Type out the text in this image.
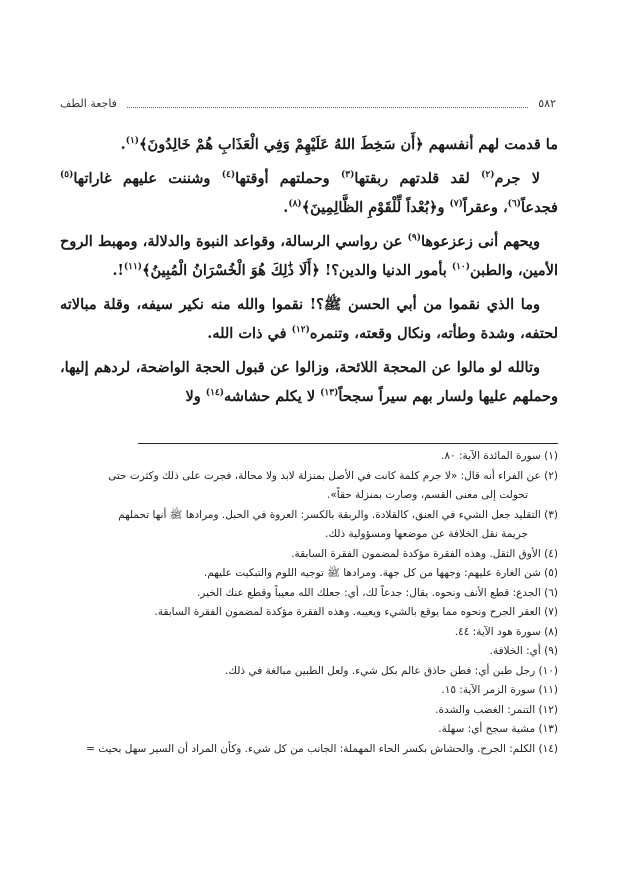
٥٨٢
فاجعة الطف

ما قدمت لهم أنفسهم ﴿أَن سَخِطَ اللهُ عَلَيْهِمْ وَفِي الْعَذَابِ هُمْ خَالِدُونَ﴾$^{(١)}$.

لا جرم$^{(٢)}$ لقد قلدتهم ربقتها$^{(٣)}$ وحملتهم أوقتها$^{(٤)}$ وشننت عليهم غاراتها$^{(٥)}$ فجدعاً$^{(٦)}$، وعقراً$^{(٧)}$ و﴿بُعْداً لِّلْقَوْمِ الظَّالِمِينَ﴾$^{(٨)}$.

ويحهم أنى زعزعوها$^{(٩)}$ عن رواسي الرسالة، وقواعد النبوة والدلالة، ومهبط الروح الأمين، والطبن$^{(١٠)}$ بأمور الدنيا والدين؟! ﴿أَلَا ذَٰلِكَ هُوَ الْخُسْرَانُ الْمُبِينُ﴾$^{(١١)}$!.

وما الذي نقموا من أبي الحسن ﷺ؟! نقموا والله منه نكير سيفه، وقلة مبالاته لحتفه، وشدة وطأته، ونكال وقعته، وتنمره$^{(١٢)}$ في ذات الله.

وتالله لو مالوا عن المحجة اللائحة، وزالوا عن قبول الحجة الواضحة، لردهم إليها، وحملهم عليها ولسار بهم سيراً سجحاً$^{(١٣)}$ لا يكلم حشاشه$^{(١٤)}$ ولا

(١) سورة المائدة الآية: ٨٠.

(٢) عن الفراء أنه قال: «لا جرم كلمة كانت في الأصل بمنزلة لابد ولا محالة، فجرت على ذلك وكثرت حتى
تحولت إلى معنى القسم، وصارت بمنزلة حقاً».

(٣) التقليد جعل الشيء في العنق، كالقلادة. والربقة بالكسر: العروة في الحبل. ومرادها ﷺ أنها تحملهم
جريمة نقل الخلافة عن موضعها ومسؤولية ذلك.

(٤) الأوق الثقل. وهذه الفقرة مؤكدة لمضمون الفقرة السابقة.

(٥) شن الغارة عليهم: وجهها من كل جهة. ومرادها ﷺ توجيه اللوم والتبكيت عليهم.

(٦) الجدع: قطع الأنف ونحوه. يقال: جدعاً لك، أي: جعلك الله معيباً وقطع عنك الخير.

(٧) العقر الجرح ونحوه مما يوقع بالشيء ويعيبه. وهذه الفقرة مؤكدة لمضمون الفقرة السابقة.

(٨) سورة هود الآية: ٤٤.

(٩) أي: الخلافة.

(١٠) رجل طبن أي: فطن حاذق عالم بكل شيء. ولعل الطبين مبالغة في ذلك.

(١١) سورة الزمر الآية: ١٥.

(١٢) التنمر: الغضب والشدة.

(١٣) مشية سجح أي: سهلة.

(١٤) الكلم: الجرح. والحشاش بكسر الحاء المهملة: الجانب من كل شيء. وكأن المراد أن السير سهل بحيث =
